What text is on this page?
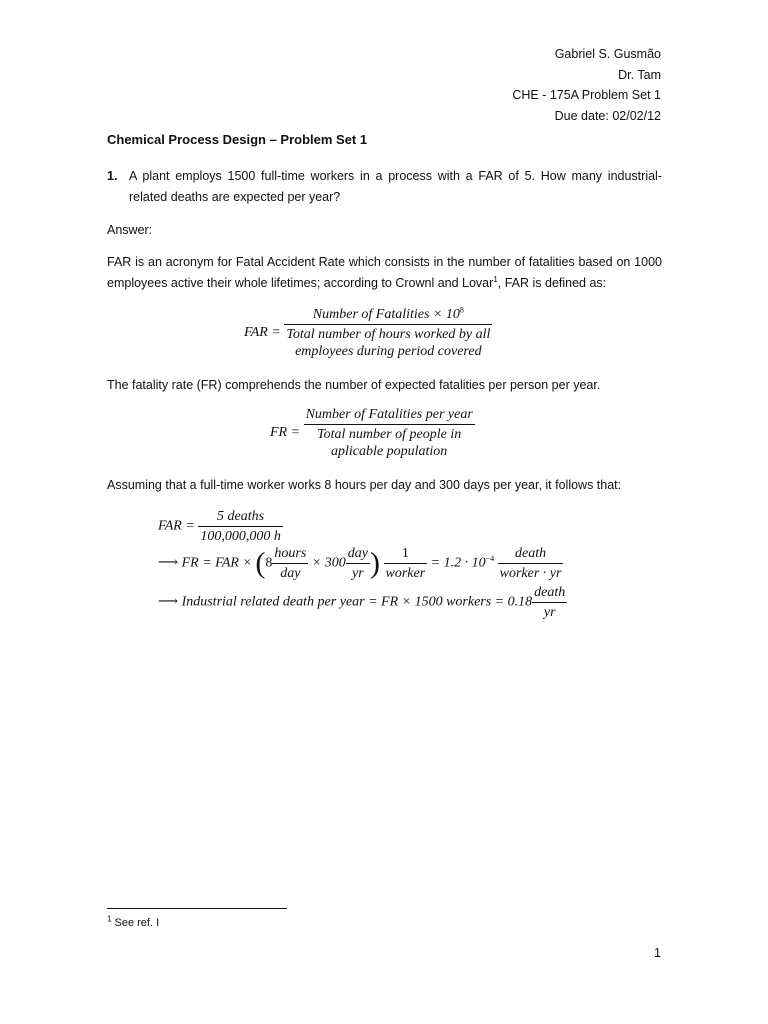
Gabriel S. Gusmão
Dr. Tam
CHE - 175A Problem Set 1
Due date: 02/02/12
Chemical Process Design – Problem Set 1
1. A plant employs 1500 full-time workers in a process with a FAR of 5. How many industrial-related deaths are expected per year?
Answer:
FAR is an acronym for Fatal Accident Rate which consists in the number of fatalities based on 1000 employees active their whole lifetimes; according to Crownl and Lovar$^1$, FAR is defined as:
FAR =
Number of Fatalities × $10^8$
Total number of hours worked by all
employees during period covered
The fatality rate (FR) comprehends the number of expected fatalities per person per year.
FR =
Number of Fatalities per year
Total number of people in
aplicable population
Assuming that a full-time worker works 8 hours per day and 300 days per year, it follows that:
FAR = $\frac{\text{5 deaths}}{100,000,000 h}$
⟶ FR = FAR × ($8 \frac{\text{hours}}{\text{day}} \times 300 \frac{\text{day}}{yr}$ ) $\frac{1}{\text{worker}} = 1.2 \cdot 10^{-4} \frac{\text{death}}{\text{worker · yr}}$
⟶ Industrial related death per year = FR × 1500 workers = $0.18 \frac{\text{death}}{yr}$
$^1$ See ref. I
1
